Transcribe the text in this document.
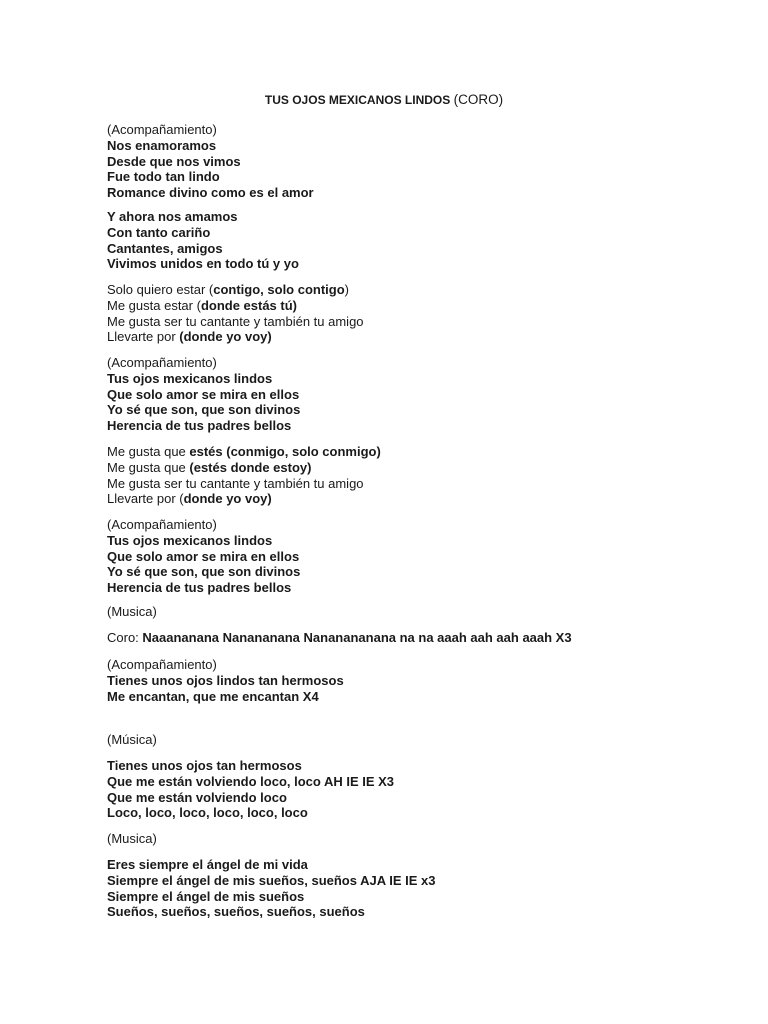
TUS OJOS MEXICANOS LINDOS (CORO)
(Acompañamiento)
Nos enamoramos
Desde que nos vimos
Fue todo tan lindo
Romance divino como es el amor
Y ahora nos amamos
Con tanto cariño
Cantantes, amigos
Vivimos unidos en todo tú y yo
Solo quiero estar (contigo, solo contigo)
Me gusta estar (donde estás tú)
Me gusta ser tu cantante y también tu amigo
Llevarte por (donde yo voy)
(Acompañamiento)
Tus ojos mexicanos lindos
Que solo amor se mira en ellos
Yo sé que son, que son divinos
Herencia de tus padres bellos
Me gusta que estés (conmigo, solo conmigo)
Me gusta que (estés donde estoy)
Me gusta ser tu cantante y también tu amigo
Llevarte por (donde yo voy)
(Acompañamiento)
Tus ojos mexicanos lindos
Que solo amor se mira en ellos
Yo sé que son, que son divinos
Herencia de tus padres bellos
(Musica)
Coro: Naaananana Nanananana Nananananana na na aaah aah aah aaah X3
(Acompañamiento)
Tienes unos ojos lindos tan hermosos
Me encantan, que me encantan X4
(Música)
Tienes unos ojos tan hermosos
Que me están volviendo loco, loco AH IE IE X3
Que me están volviendo loco
Loco, loco, loco, loco, loco, loco
(Musica)
Eres siempre el ángel de mi vida
Siempre el ángel de mis sueños, sueños AJA IE IE x3
Siempre el ángel de mis sueños
Sueños, sueños, sueños, sueños, sueños
